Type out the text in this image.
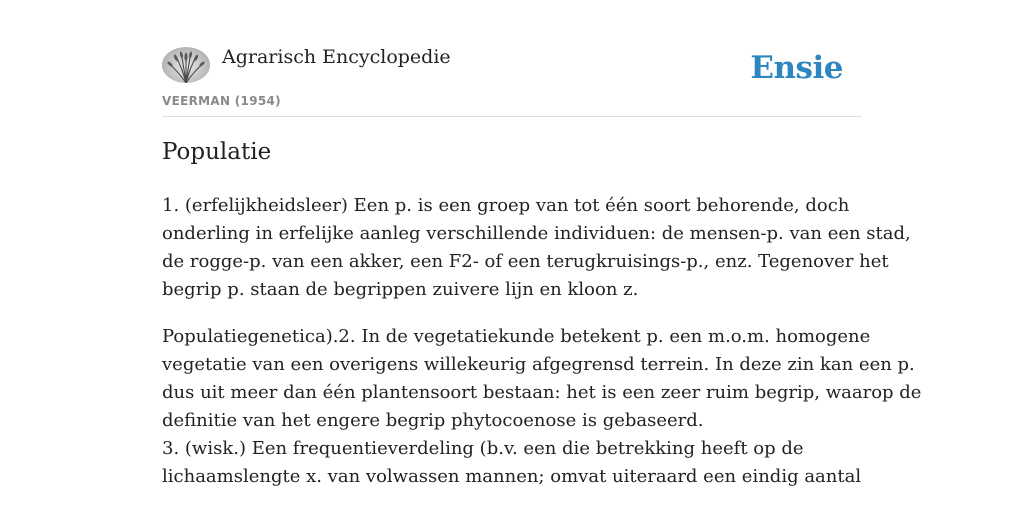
Agrarisch Encyclopedie
VEERMAN (1954)
Ensie
Populatie

1. (erfelijkheidsleer) Een p. is een groep van tot één soort behorende, doch
onderling in erfelijke aanleg verschillende individuen: de mensen-p. van een stad,
de rogge-p. van een akker, een F2- of een terugkruisings-p., enz. Tegenover het
begrip p. staan de begrippen zuivere lijn en kloon z.

Populatiegenetica).2. In de vegetatiekunde betekent p. een m.o.m. homogene
vegetatie van een overigens willekeurig afgegrensd terrein. In deze zin kan een p.
dus uit meer dan één plantensoort bestaan: het is een zeer ruim begrip, waarop de
definitie van het engere begrip phytocoenose is gebaseerd.
3. (wisk.) Een frequentieverdeling (b.v. een die betrekking heeft op de
lichaamslengte x. van volwassen mannen; omvat uiteraard een eindig aantal
